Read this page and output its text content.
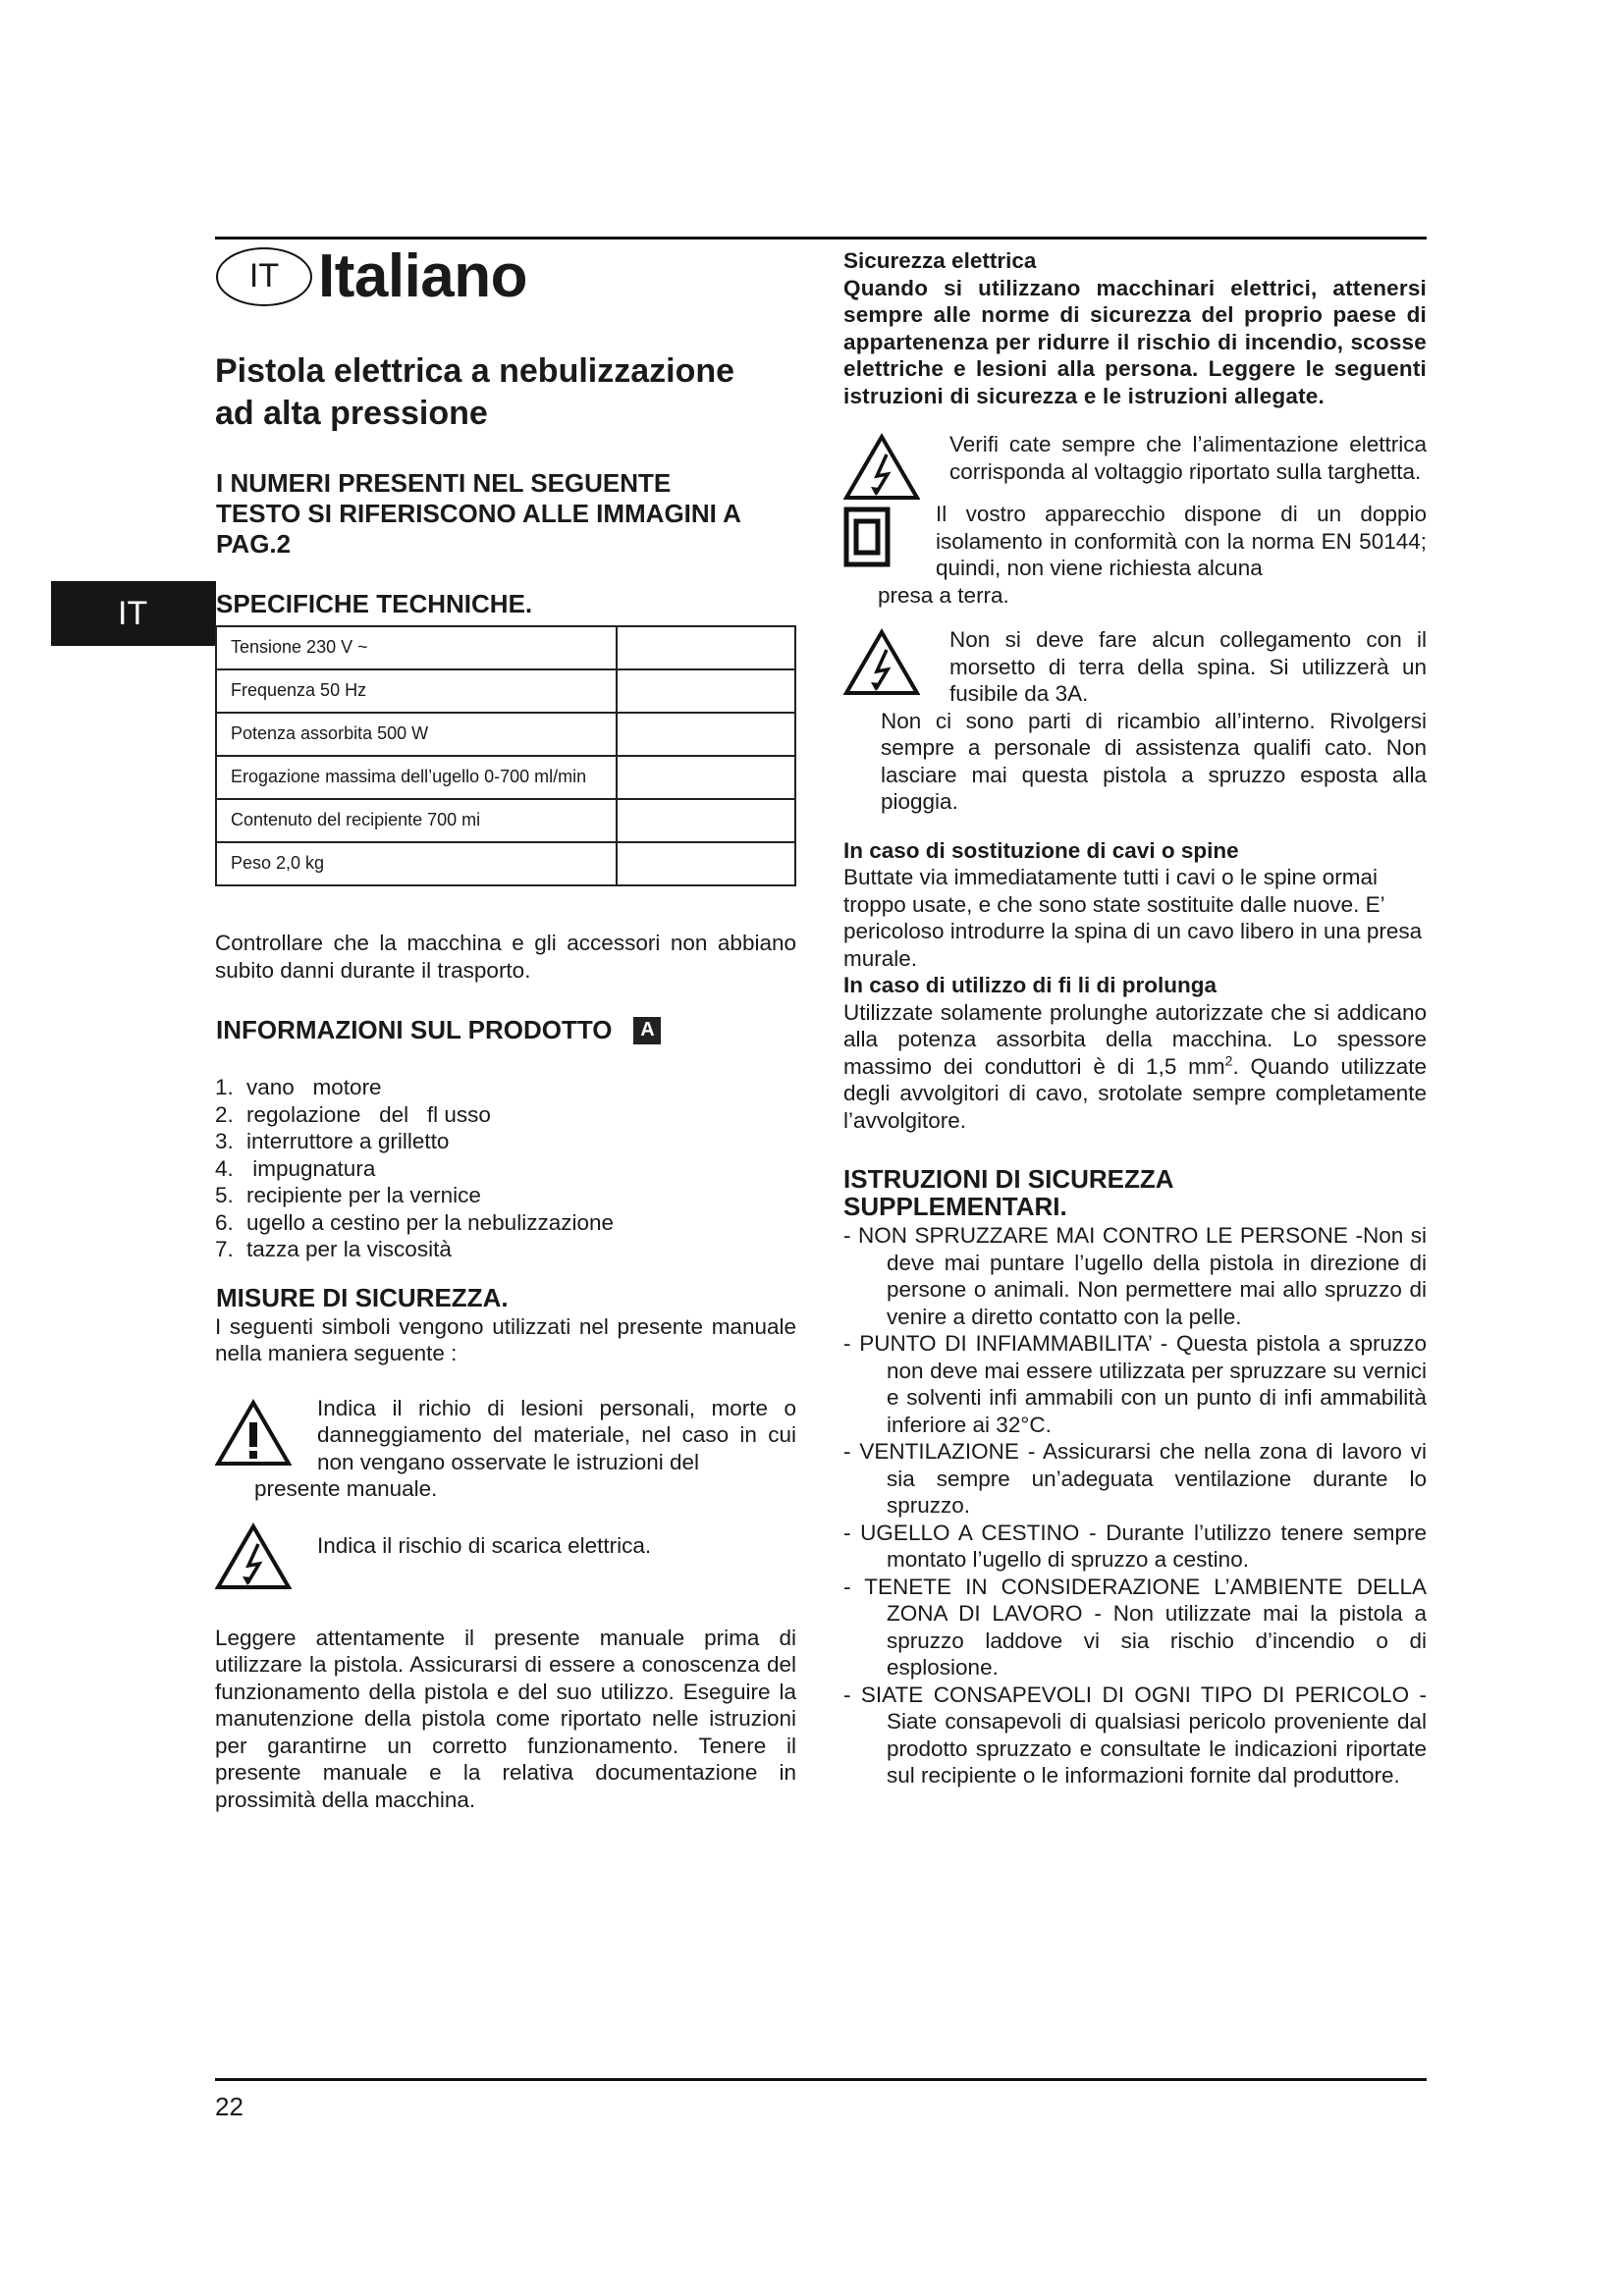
IT
IT Italiano
Pistola elettrica a nebulizzazione
ad alta pressione
I NUMERI PRESENTI NEL SEGUENTE
TESTO SI RIFERISCONO ALLE IMMAGINI A
PAG.2
SPECIFICHE TECHNICHE.
Tensione 230 V ~	
Frequenza 50 Hz	
Potenza assorbita 500 W	
Erogazione massima dell’ugello 0-700 ml/min	
Contenuto del recipiente 700 mi	
Peso 2,0 kg	

Controllare che la macchina e gli accessori non abbiano subito danni durante il trasporto.

INFORMAZIONI SUL PRODOTTO	A
1. vano   motore
2. regolazione   del   fl usso
3. interruttore a grilletto
4. impugnatura
5. recipiente per la vernice
6. ugello a cestino per la nebulizzazione
7. tazza per la viscosità
MISURE DI SICUREZZA.

I seguenti simboli vengono utilizzati nel presente manuale nella maniera seguente :

Indica il richio di lesioni personali, morte o danneggiamento del materiale, nel caso in cui non vengano osservate le istruzioni del

presente manuale.

Indica il rischio di scarica elettrica.

Leggere attentamente il presente manuale prima di utilizzare la pistola. Assicurarsi di essere a conoscenza del funzionamento della pistola e del suo utilizzo. Eseguire la manutenzione della pistola come riportato nelle istruzioni per garantirne un corretto funzionamento. Tenere il presente manuale e la relativa documentazione in prossimità della macchina.

Sicurezza elettrica

Quando si utilizzano macchinari elettrici, attenersi sempre alle norme di sicurezza del proprio paese di appartenenza per ridurre il rischio di incendio, scosse elettriche e lesioni alla persona. Leggere le seguenti istruzioni di sicurezza e le istruzioni allegate.

Verifi cate sempre che l’alimentazione elettrica corrisponda al voltaggio riportato sulla targhetta.

Il vostro apparecchio dispone di un doppio isolamento in conformità con la norma EN 50144; quindi, non viene richiesta alcuna

presa a terra.

Non si deve fare alcun collegamento con il morsetto di terra della spina. Si utilizzerà un fusibile da 3A.

Non ci sono parti di ricambio all’interno. Rivolgersi sempre a personale di assistenza qualifi cato. Non lasciare mai questa pistola a spruzzo esposta alla pioggia.

In caso di sostituzione di cavi o spine

Buttate via immediatamente tutti i cavi o le spine ormai troppo usate, e che sono state sostituite dalle nuove. E’ pericoloso introdurre la spina di un cavo libero in una presa murale.

In caso di utilizzo di fi li di prolunga

Utilizzate solamente prolunghe autorizzate che si addicano alla potenza assorbita della macchina. Lo spessore massimo dei conduttori è di 1,5 $mm^2$. Quando utilizzate degli avvolgitori di cavo, srotolate sempre completamente l’avvolgitore.

ISTRUZIONI DI SICUREZZA
SUPPLEMENTARI.
- NON SPRUZZARE MAI CONTRO LE PERSONE -Non si deve mai puntare l’ugello della pistola in direzione di persone o animali. Non permettere mai allo spruzzo di venire a diretto contatto con la pelle.
- PUNTO DI INFIAMMABILITA’ - Questa pistola a spruzzo non deve mai essere utilizzata per spruzzare su vernici e solventi infi ammabili con un punto di infi ammabilità inferiore ai 32°C.
- VENTILAZIONE - Assicurarsi che nella zona di lavoro vi sia sempre un’adeguata ventilazione durante lo spruzzo.
- UGELLO A CESTINO - Durante l’utilizzo tenere sempre montato l’ugello di spruzzo a cestino.
- TENETE IN CONSIDERAZIONE L’AMBIENTE DELLA ZONA DI LAVORO - Non utilizzate mai la pistola a spruzzo laddove vi sia rischio d’incendio o di esplosione.
- SIATE CONSAPEVOLI DI OGNI TIPO DI PERICOLO - Siate consapevoli di qualsiasi pericolo proveniente dal prodotto spruzzato e consultate le indicazioni riportate sul recipiente o le informazioni fornite dal produttore.
22
